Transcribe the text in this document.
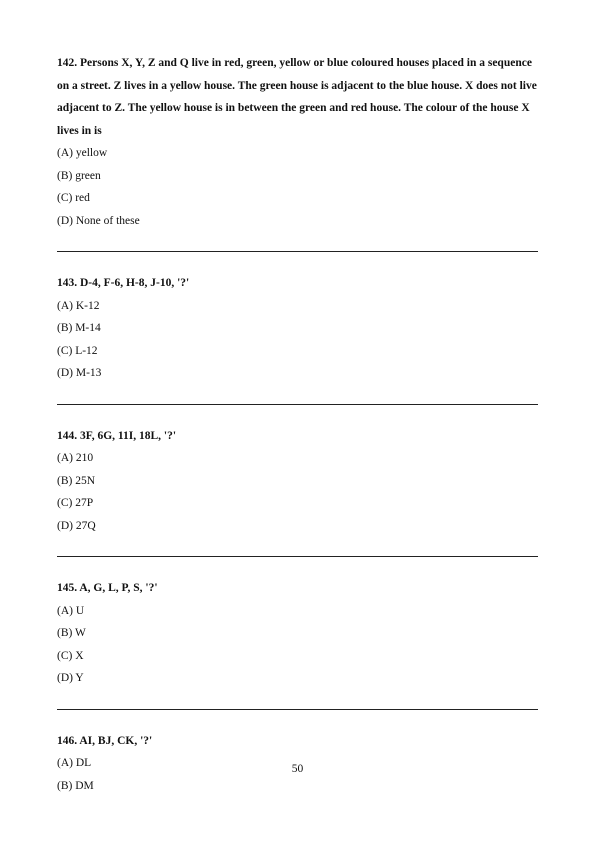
142. Persons X, Y, Z and Q live in red, green, yellow or blue coloured houses placed in a sequence on a street. Z lives in a yellow house. The green house is adjacent to the blue house. X does not live adjacent to Z. The yellow house is in between the green and red house. The colour of the house X lives in is

(A) yellow

(B) green

(C) red

(D) None of these

143. D-4, F-6, H-8, J-10, '?'

(A) K-12

(B) M-14

(C) L-12

(D) M-13

144. 3F, 6G, 11I, 18L, '?'

(A) 210

(B) 25N

(C) 27P

(D) 27Q

145. A, G, L, P, S, '?'

(A) U

(B) W

(C) X

(D) Y

146. AI, BJ, CK, '?'

(A) DL

(B) DM

50
